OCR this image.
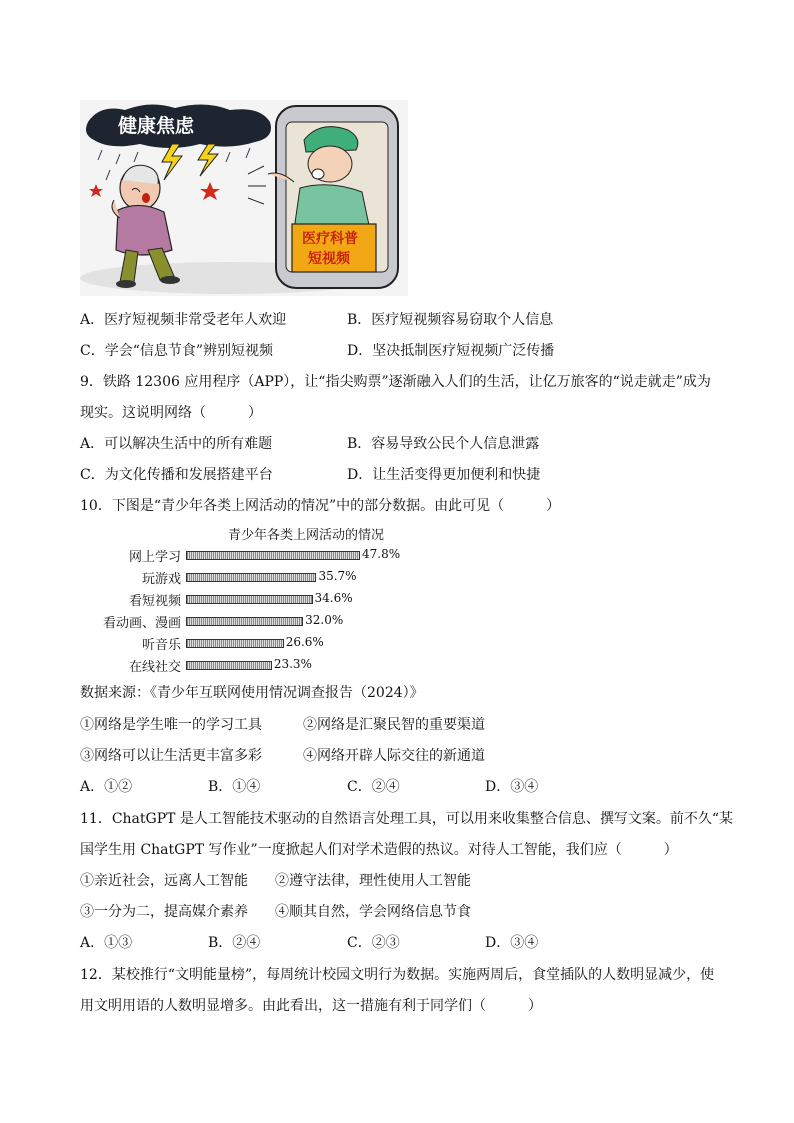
健康焦虑
医疗科普
短视频
A．医疗短视频非常受老年人欢迎	B．医疗短视频容易窃取个人信息
C．学会“信息节食”辨别短视频	D．坚决抵制医疗短视频广泛传播
9．铁路 12306 应用程序（APP），让“指尖购票”逐渐融入人们的生活，让亿万旅客的“说走就走”成为
现实。这说明网络（　　　）
A．可以解决生活中的所有难题	B．容易导致公民个人信息泄露
C．为文化传播和发展搭建平台	D．让生活变得更加便利和快捷
10．下图是“青少年各类上网活动的情况”中的部分数据。由此可见（　　　）
青少年各类上网活动的情况
网上学习	47.8%
玩游戏	35.7%
看短视频	34.6%
看动画、漫画	32.0%
听音乐	26.6%
在线社交	23.3%
数据来源：《青少年互联网使用情况调查报告（2024）》
①网络是学生唯一的学习工具	②网络是汇聚民智的重要渠道
③网络可以让生活更丰富多彩	④网络开辟人际交往的新通道
A．①②	B．①④	C．②④	D．③④
11．ChatGPT 是人工智能技术驱动的自然语言处理工具，可以用来收集整合信息、撰写文案。前不久“某
国学生用 ChatGPT 写作业”一度掀起人们对学术造假的热议。对待人工智能，我们应（　　　）
①亲近社会，远离人工智能 ②遵守法律，理性使用人工智能
③一分为二，提高媒介素养 ④顺其自然，学会网络信息节食
A．①③	B．②④	C．②③	D．③④
12．某校推行“文明能量榜”，每周统计校园文明行为数据。实施两周后，食堂插队的人数明显减少，使
用文明用语的人数明显增多。由此看出，这一措施有利于同学们（　　　）
